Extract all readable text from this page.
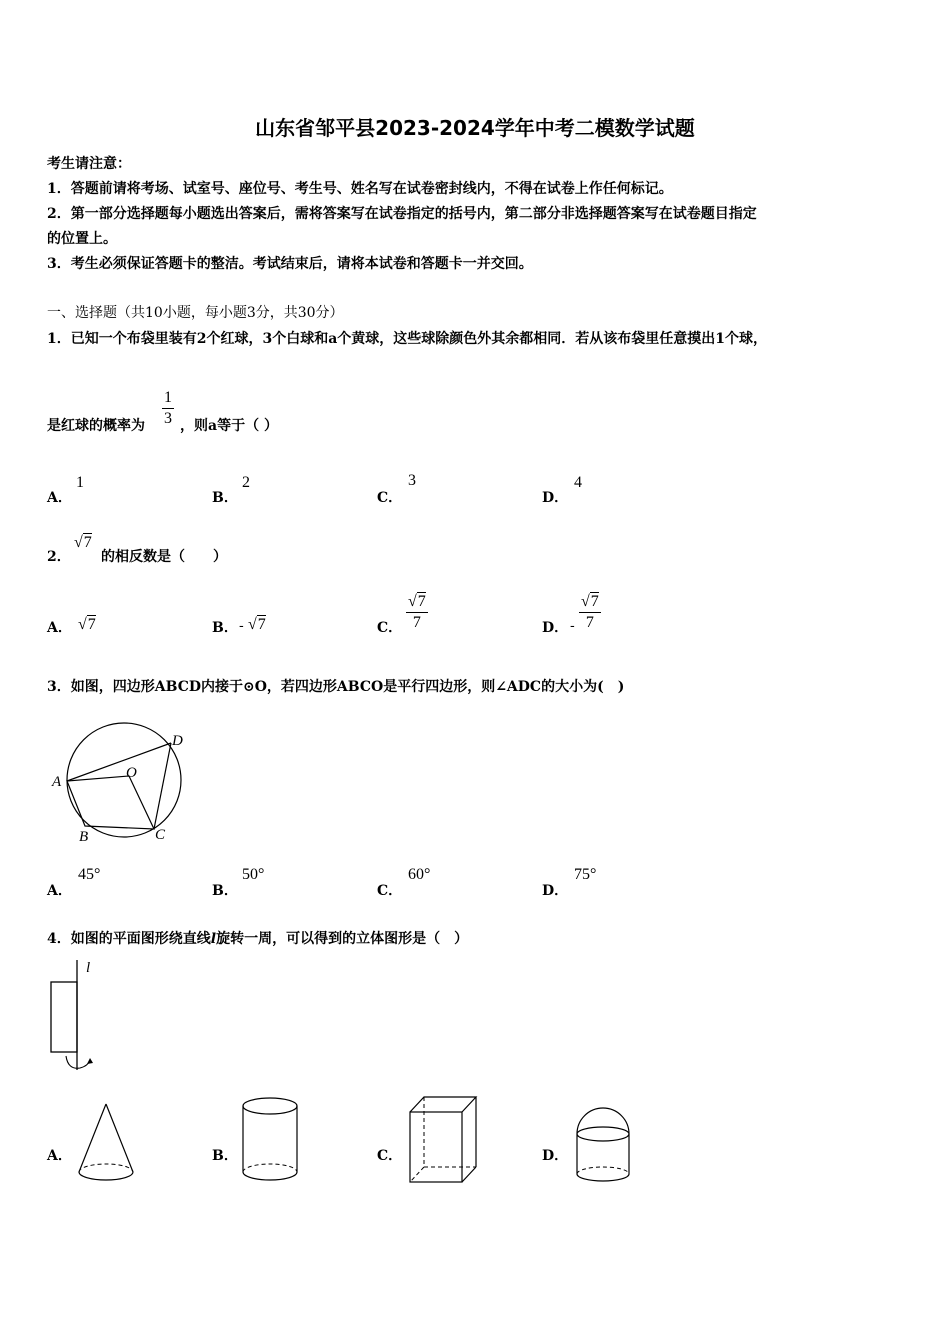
山东省邹平县2023-2024学年中考二模数学试题
考生请注意：
1．答题前请将考场、试室号、座位号、考生号、姓名写在试卷密封线内，不得在试卷上作任何标记。
2．第一部分选择题每小题选出答案后，需将答案写在试卷指定的括号内，第二部分非选择题答案写在试卷题目指定
的位置上。
3．考生必须保证答题卡的整洁。考试结束后，请将本试卷和答题卡一并交回。
一、选择题（共10小题，每小题3分，共30分）
1．已知一个布袋里装有2个红球，3个白球和a个黄球，这些球除颜色外其余都相同．若从该布袋里任意摸出1个球，
是红球的概率为 $\frac{1}{3}$ ，则a等于（ ）
A．
1
B．
2
C．
3
D．
4
2．
√7
的相反数是（　　）
A． √7	B． - √7	C． $\frac{√7}{7}$	D． - $\frac{√7}{7}$
3．如图，四边形ABCD内接于⊙O，若四边形ABCO是平行四边形，则∠ADC的大小为(　)
A
B	C
D
O
A．
45°
B．
50°
C．
60°
D．
75°
4．如图的平面图形绕直线l旋转一周，可以得到的立体图形是（　）
l
A．	B．	C．	D．
